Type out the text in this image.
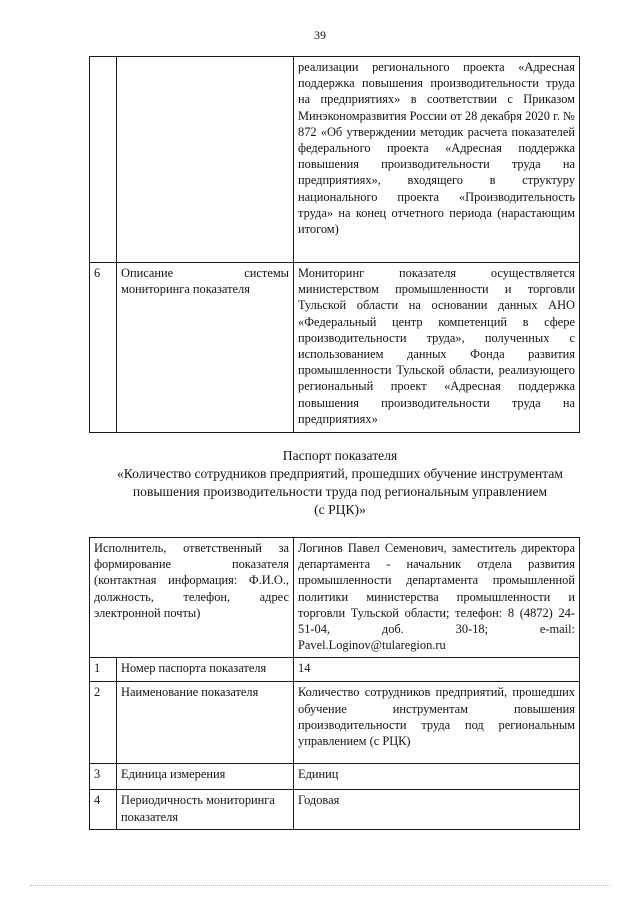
39
		реализации регионального проекта «Адресная поддержка повышения производительности труда на предприятиях» в соответствии с Приказом Минэкономразвития России от 28 декабря 2020 г. № 872 «Об утверждении методик расчета показателей федерального проекта «Адресная поддержка повышения производительности труда на предприятиях», входящего в структуру национального проекта «Производительность труда» на конец отчетного периода (нарастающим итогом)
6	Описание системы мониторинга показателя	Мониторинг показателя осуществляется министерством промышленности и торговли Тульской области на основании данных АНО «Федеральный центр компетенций в сфере производительности труда», полученных с использованием данных Фонда развития промышленности Тульской области, реализующего региональный проект «Адресная поддержка повышения производительности труда на предприятиях»
Паспорт показателя
«Количество сотрудников предприятий, прошедших обучение инструментам
повышения производительности труда под региональным управлением
(с РЦК)»
Исполнитель, ответственный за формирование показателя (контактная информация: Ф.И.О., должность, телефон, адрес электронной почты)		Логинов Павел Семенович, заместитель директора департамента - начальник отдела развития промышленности департамента промышленной политики министерства промышленности и торговли Тульской области; телефон: 8 (4872) 24-51-04, доб. 30-18; e-mail: Pavel.Loginov@tularegion.ru
1	Номер паспорта показателя	14
2	Наименование показателя	Количество сотрудников предприятий, прошедших обучение инструментам повышения производительности труда под региональным управлением (с РЦК)
3	Единица измерения	Единиц
4	Периодичность мониторинга показателя	Годовая
